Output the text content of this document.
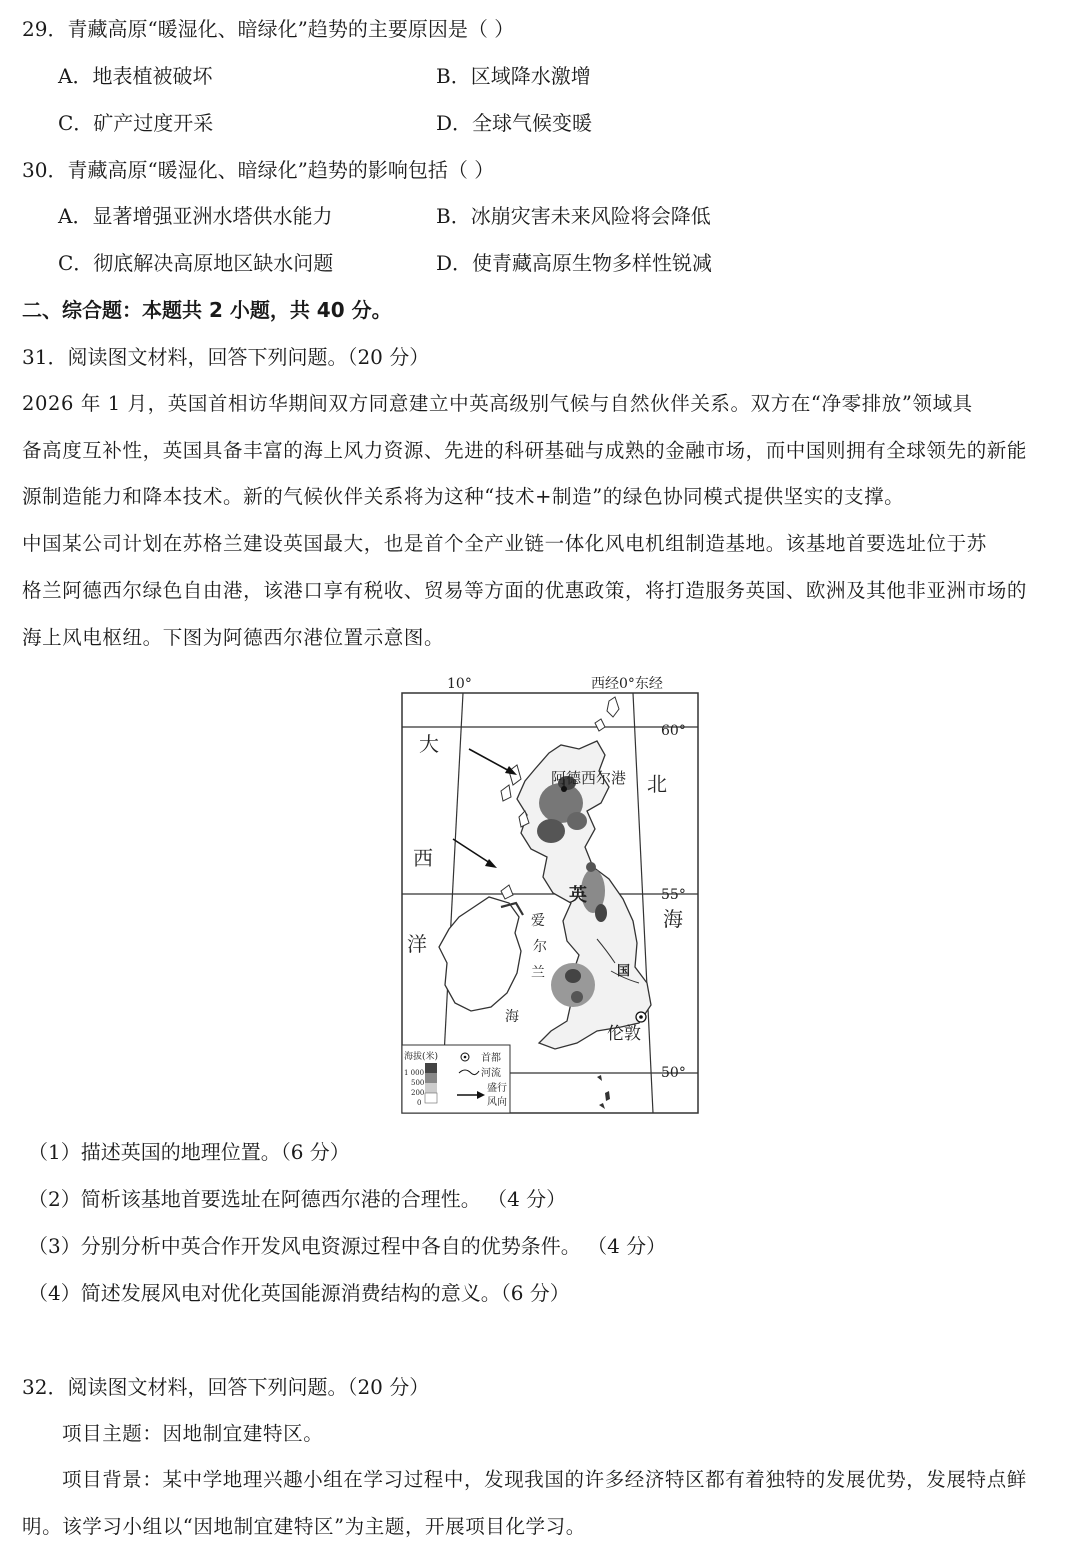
29．青藏高原“暖湿化、暗绿化”趋势的主要原因是（ ）
A．地表植被破坏	B．区域降水激增
C．矿产过度开采	D．全球气候变暖
30．青藏高原“暖湿化、暗绿化”趋势的影响包括（ ）
A．显著增强亚洲水塔供水能力	B．冰崩灾害未来风险将会降低
C．彻底解决高原地区缺水问题	D．使青藏高原生物多样性锐减
二、综合题：本题共 2 小题，共 40 分。
31．阅读图文材料，回答下列问题。（20 分）
2026 年 1 月，英国首相访华期间双方同意建立中英高级别气候与自然伙伴关系。双方在“净零排放”领域具
备高度互补性，英国具备丰富的海上风力资源、先进的科研基础与成熟的金融市场，而中国则拥有全球领先的新能
源制造能力和降本技术。新的气候伙伴关系将为这种“技术+制造”的绿色协同模式提供坚实的支撑。
中国某公司计划在苏格兰建设英国最大，也是首个全产业链一体化风电机组制造基地。该基地首要选址位于苏
格兰阿德西尔绿色自由港，该港口享有税收、贸易等方面的优惠政策，将打造服务英国、欧洲及其他非亚洲市场的
海上风电枢纽。下图为阿德西尔港位置示意图。
10°	西经0°东经
60°
55°
50°
大
西
洋
北
海
英
国
爱
尔
兰
海
阿德西尔港
伦敦
海拔(米)
1 000
500
200
0
首都
河流
盛行
风向
（1）描述英国的地理位置。（6 分）
（2）简析该基地首要选址在阿德西尔港的合理性。 （4 分）
（3）分别分析中英合作开发风电资源过程中各自的优势条件。 （4 分）
（4）简述发展风电对优化英国能源消费结构的意义。（6 分）
32．阅读图文材料，回答下列问题。（20 分）
项目主题：因地制宜建特区。
项目背景：某中学地理兴趣小组在学习过程中，发现我国的许多经济特区都有着独特的发展优势，发展特点鲜
明。该学习小组以“因地制宜建特区”为主题，开展项目化学习。
